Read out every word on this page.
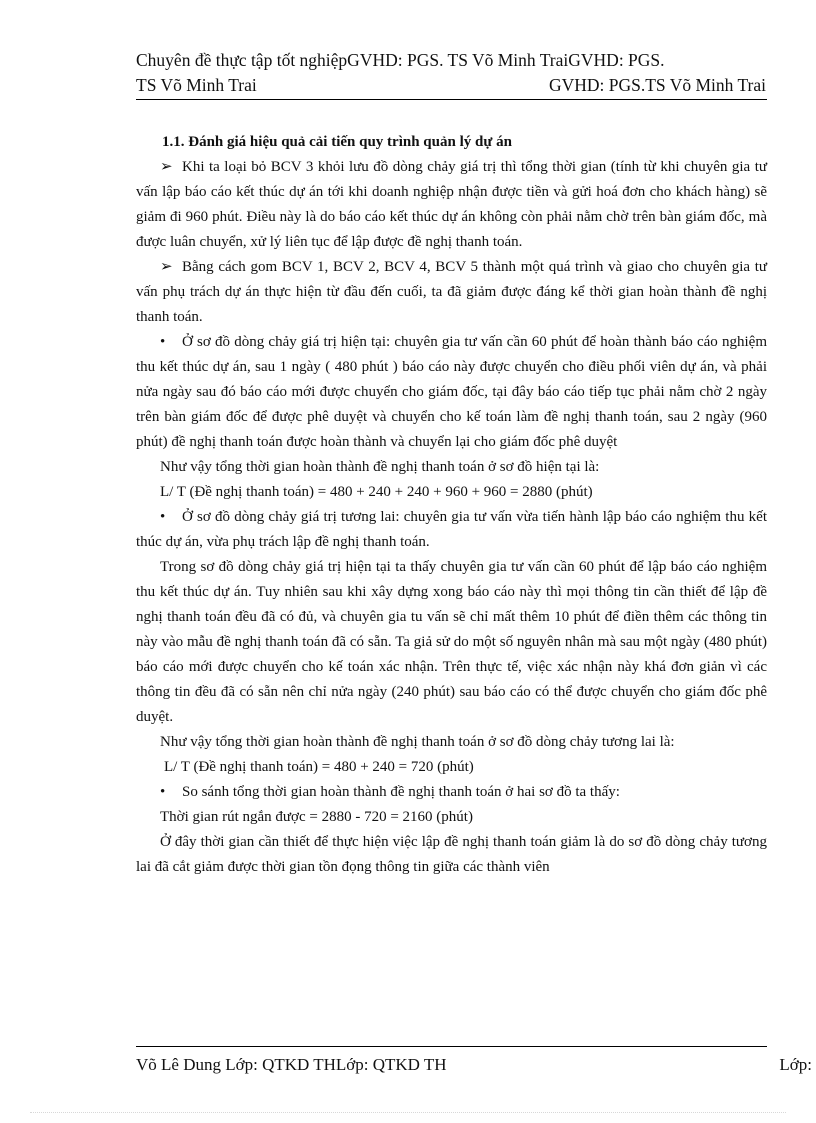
Chuyên đề thực tập tốt nghiệpGVHD: PGS. TS Võ Minh TraiGVHD: PGS.
TS Võ Minh Trai	GVHD: PGS.TS Võ Minh Trai

1.1. Đánh giá hiệu quả cải tiến quy trình quản lý dự án

➢ Khi ta loại bỏ BCV 3 khỏi lưu đồ dòng chảy giá trị thì tổng thời gian (tính từ khi chuyên gia tư vấn lập báo cáo kết thúc dự án tới khi doanh nghiệp nhận được tiền và gửi hoá đơn cho khách hàng) sẽ giảm đi 960 phút. Điều này là do báo cáo kết thúc dự án không còn phải nằm chờ trên bàn giám đốc, mà được luân chuyển, xử lý liên tục để lập được đề nghị thanh toán.

➢ Bằng cách gom BCV 1, BCV 2, BCV 4, BCV 5 thành một quá trình và giao cho chuyên gia tư vấn phụ trách dự án thực hiện từ đầu đến cuối, ta đã giảm được đáng kể thời gian hoàn thành đề nghị thanh toán.

• Ở sơ đồ dòng chảy giá trị hiện tại: chuyên gia tư vấn cần 60 phút để hoàn thành báo cáo nghiệm thu kết thúc dự án, sau 1 ngày ( 480 phút ) báo cáo này được chuyển cho điều phối viên dự án, và phải nửa ngày sau đó báo cáo mới được chuyển cho giám đốc, tại đây báo cáo tiếp tục phải nằm chờ 2 ngày trên bàn giám đốc để được phê duyệt và chuyển cho kế toán làm đề nghị thanh toán, sau 2 ngày (960 phút) đề nghị thanh toán được hoàn thành và chuyển lại cho giám đốc phê duyệt

Như vậy tổng thời gian hoàn thành đề nghị thanh toán ở sơ đồ hiện tại là:

L/ T (Đề nghị thanh toán) = 480 + 240 + 240 + 960 + 960 = 2880 (phút)

• Ở sơ đồ dòng chảy giá trị tương lai: chuyên gia tư vấn vừa tiến hành lập báo cáo nghiệm thu kết thúc dự án, vừa phụ trách lập đề nghị thanh toán.

Trong sơ đồ dòng chảy giá trị hiện tại ta thấy chuyên gia tư vấn cần 60 phút để lập báo cáo nghiệm thu kết thúc dự án. Tuy nhiên sau khi xây dựng xong báo cáo này thì mọi thông tin cần thiết để lập đề nghị thanh toán đều đã có đủ, và chuyên gia tu vấn sẽ chỉ mất thêm 10 phút để điền thêm các thông tin này vào mẫu đề nghị thanh toán đã có sẵn. Ta giả sử do một số nguyên nhân mà sau một ngày (480 phút) báo cáo mới được chuyển cho kế toán xác nhận. Trên thực tế, việc xác nhận này khá đơn giản vì các thông tin đều đã có sẵn nên chỉ nửa ngày (240 phút) sau báo cáo có thể được chuyển cho giám đốc phê duyệt.

Như vậy tổng thời gian hoàn thành đề nghị thanh toán ở sơ đồ dòng chảy tương lai là:

L/ T (Đề nghị thanh toán) = 480 + 240 = 720 (phút)

• So sánh tổng thời gian hoàn thành đề nghị thanh toán ở hai sơ đồ ta thấy:

Thời gian rút ngắn được = 2880 - 720 = 2160 (phút)

Ở đây thời gian cần thiết để thực hiện việc lập đề nghị thanh toán giảm là do sơ đồ dòng chảy tương lai đã cắt giảm được thời gian tồn đọng thông tin giữa các thành viên

Võ Lê Dung Lớp: QTKD THLớp: QTKD TH	Lớp:
